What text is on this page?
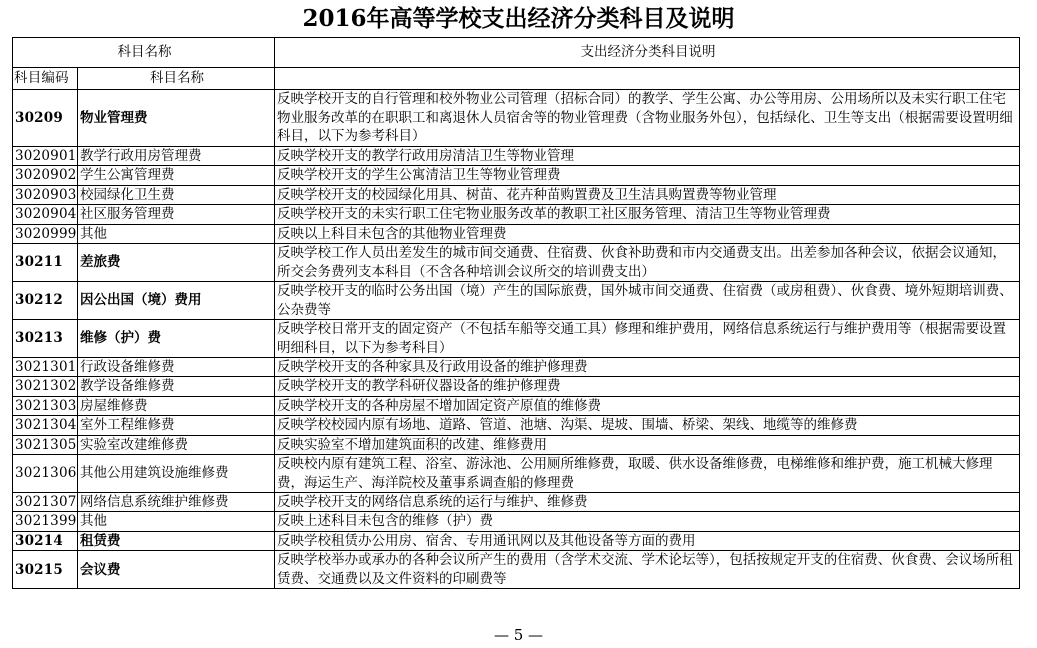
2016年高等学校支出经济分类科目及说明
科目名称		支出经济分类科目说明
科目编码	科目名称	
30209	物业管理费	反映学校开支的自行管理和校外物业公司管理（招标合同）的教学、学生公寓、办公等用房、公用场所以及未实行职工住宅物业服务改革的在职职工和离退休人员宿舍等的物业管理费（含物业服务外包），包括绿化、卫生等支出（根据需要设置明细科目，以下为参考科目）
3020901	教学行政用房管理费	反映学校开支的教学行政用房清洁卫生等物业管理
3020902	学生公寓管理费	反映学校开支的学生公寓清洁卫生等物业管理费
3020903	校园绿化卫生费	反映学校开支的校园绿化用具、树苗、花卉种苗购置费及卫生洁具购置费等物业管理
3020904	社区服务管理费	反映学校开支的未实行职工住宅物业服务改革的教职工社区服务管理、清洁卫生等物业管理费
3020999	其他	反映以上科目未包含的其他物业管理费
30211	差旅费	反映学校工作人员出差发生的城市间交通费、住宿费、伙食补助费和市内交通费支出。出差参加各种会议，依据会议通知，所交会务费列支本科目（不含各种培训会议所交的培训费支出）
30212	因公出国（境）费用	反映学校开支的临时公务出国（境）产生的国际旅费，国外城市间交通费、住宿费（或房租费）、伙食费、境外短期培训费、公杂费等
30213	维修（护）费	反映学校日常开支的固定资产（不包括车船等交通工具）修理和维护费用，网络信息系统运行与维护费用等（根据需要设置明细科目，以下为参考科目）
3021301	行政设备维修费	反映学校开支的各种家具及行政用设备的维护修理费
3021302	教学设备维修费	反映学校开支的教学科研仪器设备的维护修理费
3021303	房屋维修费	反映学校开支的各种房屋不增加固定资产原值的维修费
3021304	室外工程维修费	反映学校校园内原有场地、道路、管道、池塘、沟渠、堤坡、围墙、桥梁、架线、地缆等的维修费
3021305	实验室改建维修费	反映实验室不增加建筑面积的改建、维修费用
3021306	其他公用建筑设施维修费	反映校内原有建筑工程、浴室、游泳池、公用厕所维修费，取暖、供水设备维修费，电梯维修和维护费，施工机械大修理费，海运生产、海洋院校及董事系调查船的修理费
3021307	网络信息系统维护维修费	反映学校开支的网络信息系统的运行与维护、维修费
3021399	其他	反映上述科目未包含的维修（护）费
30214	租赁费	反映学校租赁办公用房、宿舍、专用通讯网以及其他设备等方面的费用
30215	会议费	反映学校举办或承办的各种会议所产生的费用（含学术交流、学术论坛等），包括按规定开支的住宿费、伙食费、会议场所租赁费、交通费以及文件资料的印刷费等
— 5 —
